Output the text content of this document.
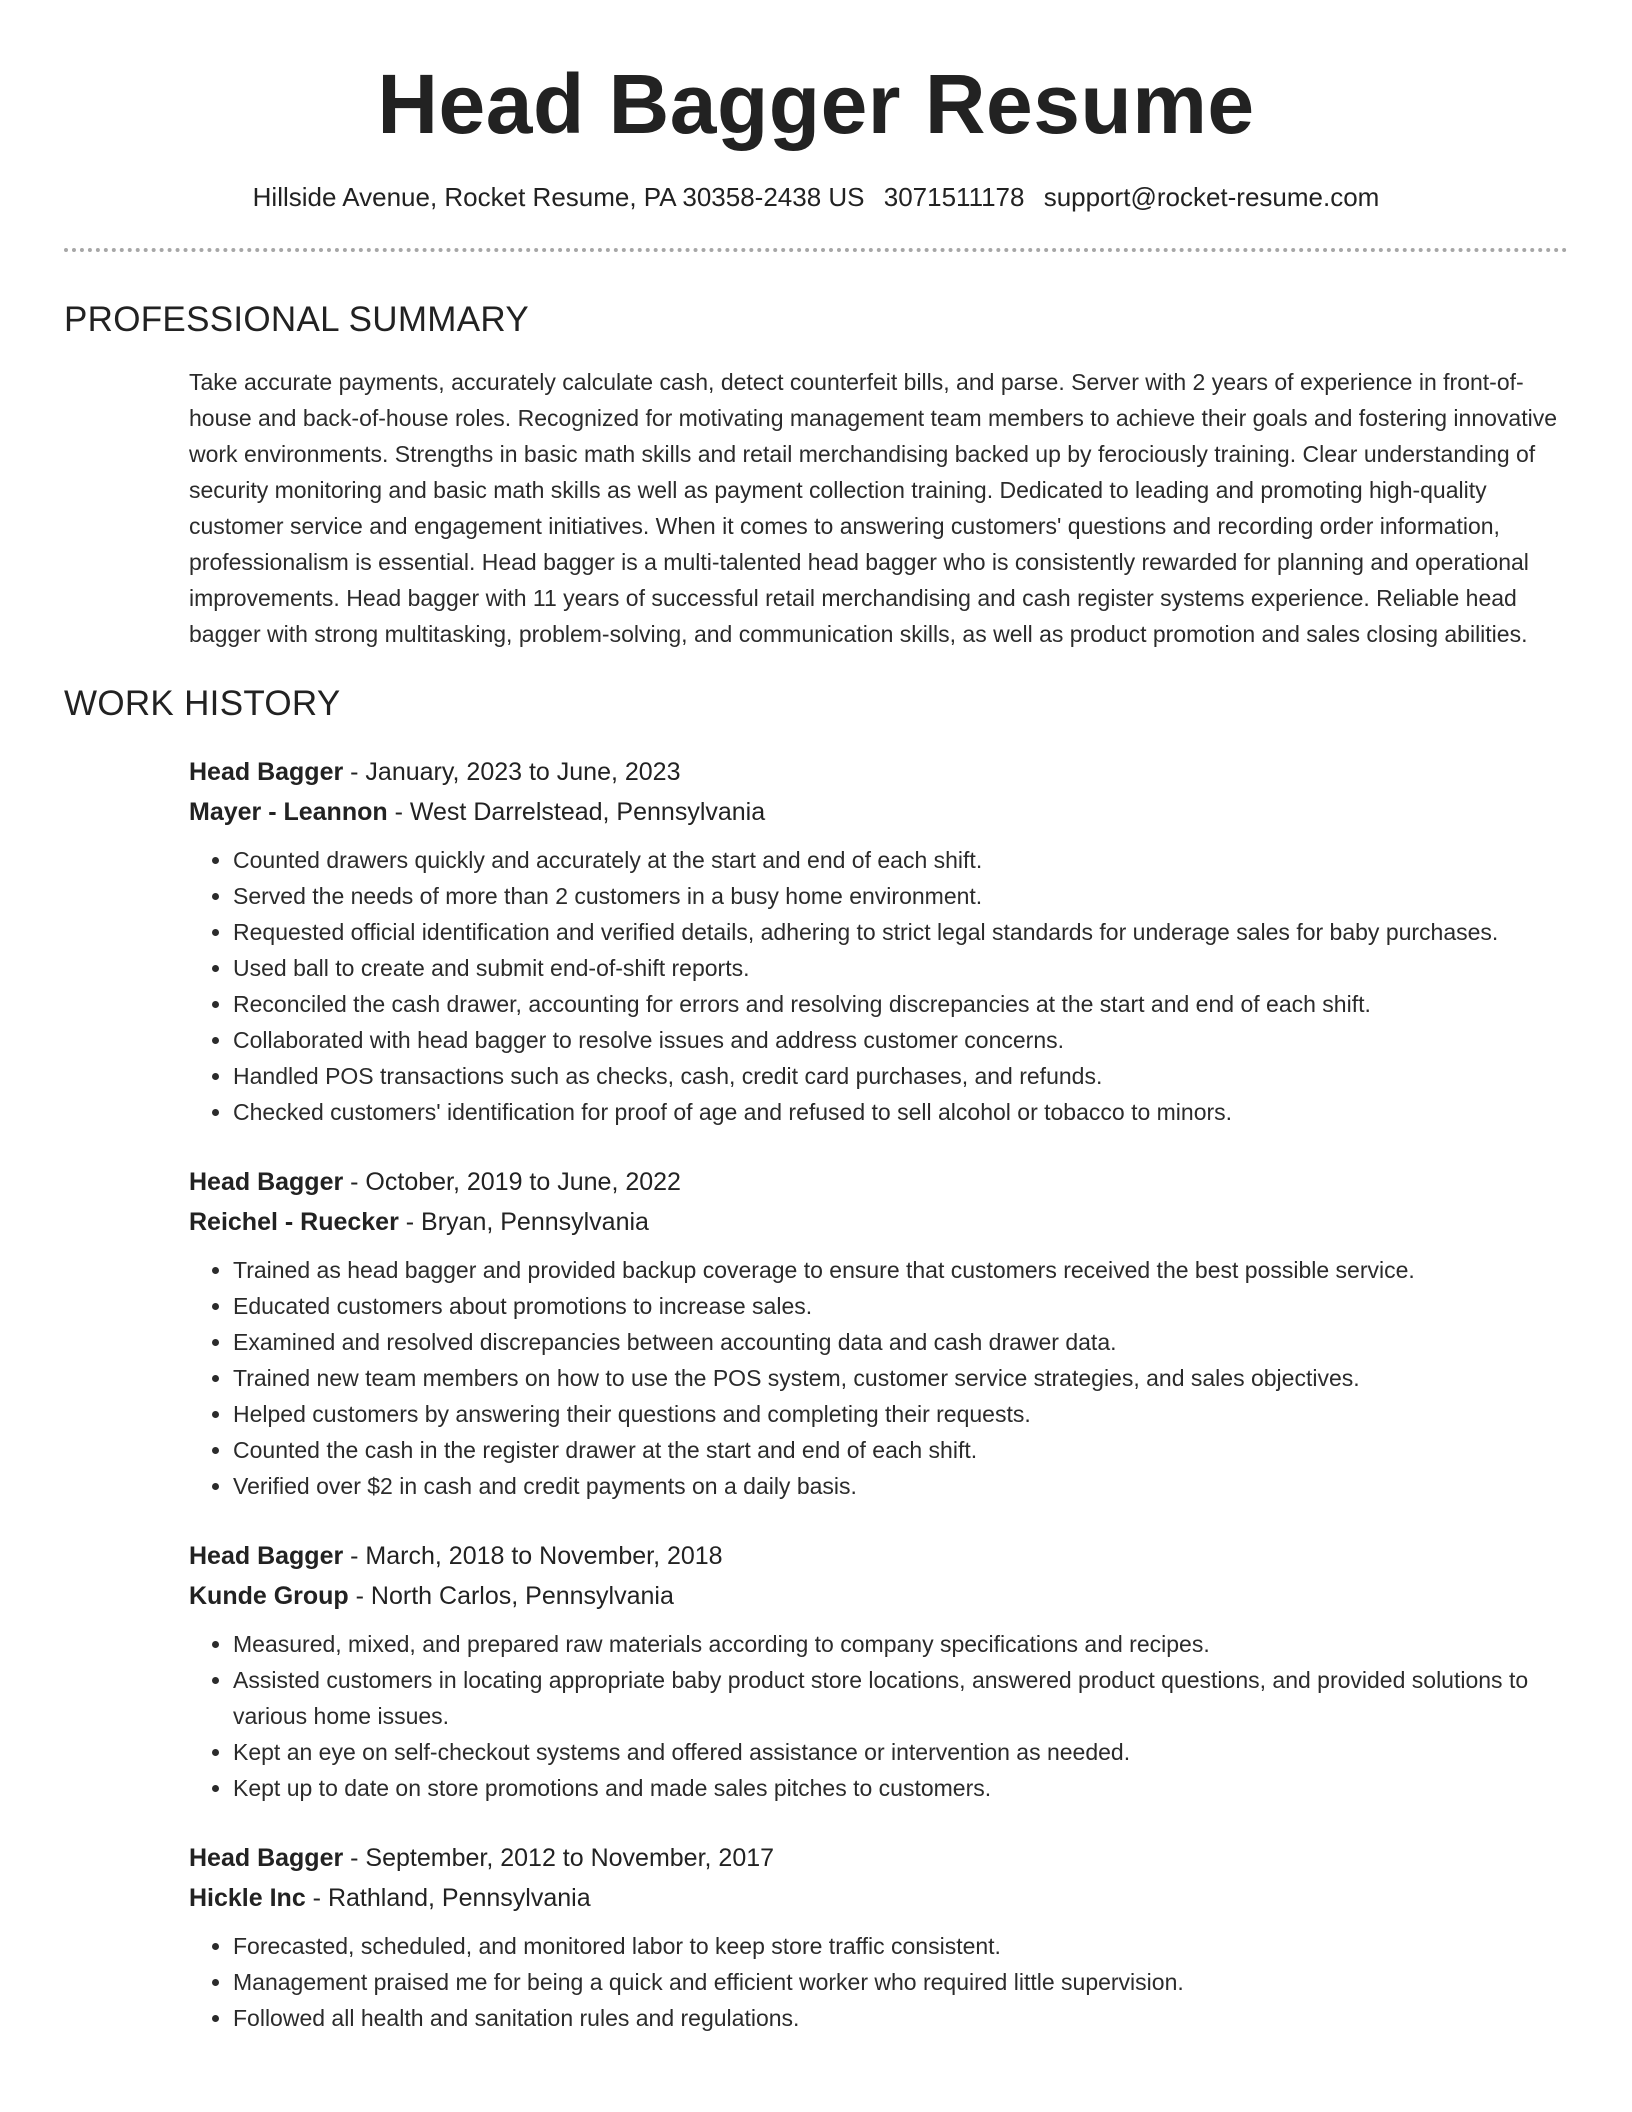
Head Bagger Resume
Hillside Avenue, Rocket Resume, PA 30358-2438 US 3071511178 support@rocket-resume.com
PROFESSIONAL SUMMARY

Take accurate payments, accurately calculate cash, detect counterfeit bills, and parse. Server with 2 years of experience in front-of-house and back-of-house roles. Recognized for motivating management team members to achieve their goals and fostering innovative work environments. Strengths in basic math skills and retail merchandising backed up by ferociously training. Clear understanding of security monitoring and basic math skills as well as payment collection training. Dedicated to leading and promoting high-quality customer service and engagement initiatives. When it comes to answering customers' questions and recording order information, professionalism is essential. Head bagger is a multi-talented head bagger who is consistently rewarded for planning and operational improvements. Head bagger with 11 years of successful retail merchandising and cash register systems experience. Reliable head bagger with strong multitasking, problem-solving, and communication skills, as well as product promotion and sales closing abilities.

WORK HISTORY
Head Bagger - January, 2023 to June, 2023
Mayer - Leannon - West Darrelstead, Pennsylvania
• Counted drawers quickly and accurately at the start and end of each shift.
• Served the needs of more than 2 customers in a busy home environment.
• Requested official identification and verified details, adhering to strict legal standards for underage sales for baby purchases.
• Used ball to create and submit end-of-shift reports.
• Reconciled the cash drawer, accounting for errors and resolving discrepancies at the start and end of each shift.
• Collaborated with head bagger to resolve issues and address customer concerns.
• Handled POS transactions such as checks, cash, credit card purchases, and refunds.
• Checked customers' identification for proof of age and refused to sell alcohol or tobacco to minors.
Head Bagger - October, 2019 to June, 2022
Reichel - Ruecker - Bryan, Pennsylvania
• Trained as head bagger and provided backup coverage to ensure that customers received the best possible service.
• Educated customers about promotions to increase sales.
• Examined and resolved discrepancies between accounting data and cash drawer data.
• Trained new team members on how to use the POS system, customer service strategies, and sales objectives.
• Helped customers by answering their questions and completing their requests.
• Counted the cash in the register drawer at the start and end of each shift.
• Verified over $2 in cash and credit payments on a daily basis.
Head Bagger - March, 2018 to November, 2018
Kunde Group - North Carlos, Pennsylvania
• Measured, mixed, and prepared raw materials according to company specifications and recipes.
• Assisted customers in locating appropriate baby product store locations, answered product questions, and provided solutions to various home issues.
• Kept an eye on self-checkout systems and offered assistance or intervention as needed.
• Kept up to date on store promotions and made sales pitches to customers.
Head Bagger - September, 2012 to November, 2017
Hickle Inc - Rathland, Pennsylvania
• Forecasted, scheduled, and monitored labor to keep store traffic consistent.
• Management praised me for being a quick and efficient worker who required little supervision.
• Followed all health and sanitation rules and regulations.
